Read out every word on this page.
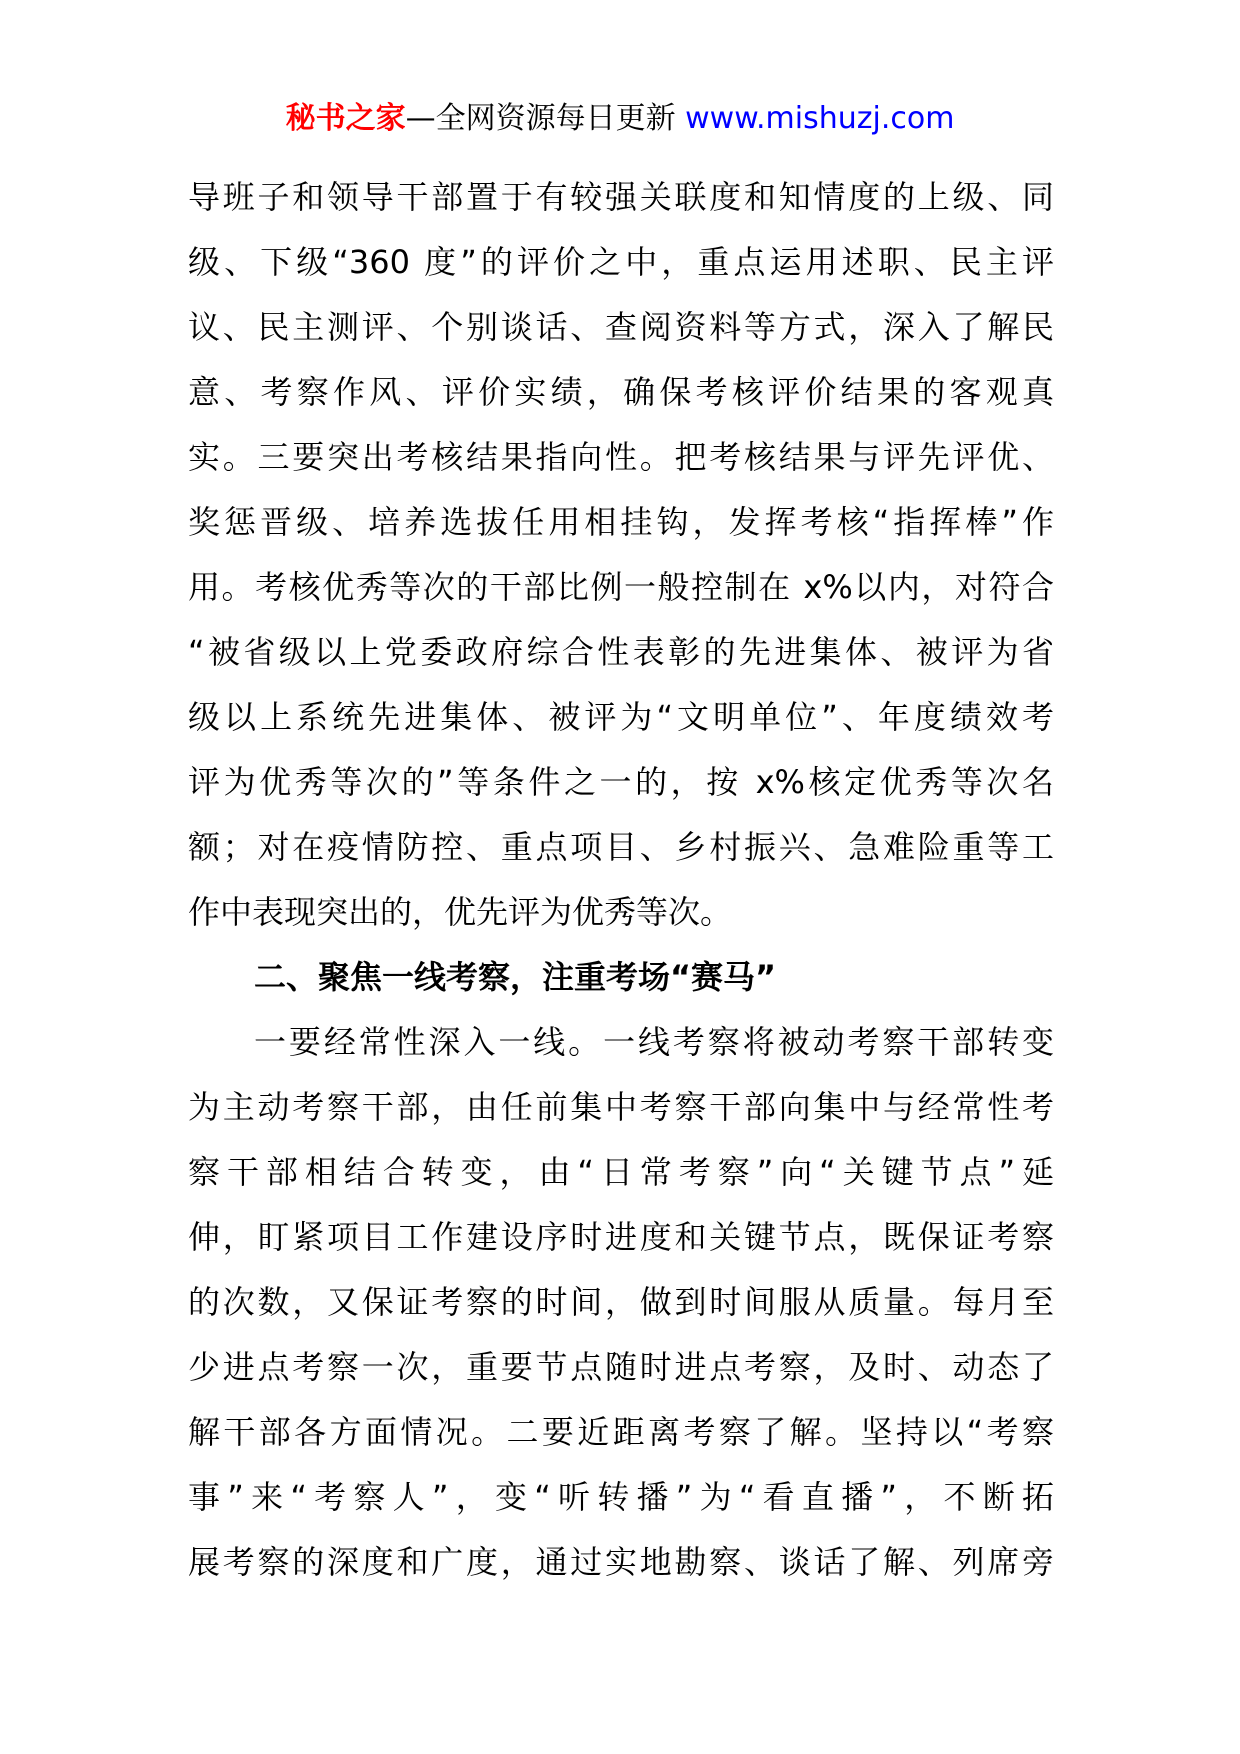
秘书之家—全网资源每日更新 www.mishuzj.com
导班子和领导干部置于有较强关联度和知情度的上级、同
级、下级“360 度”的评价之中，重点运用述职、民主评
议、民主测评、个别谈话、查阅资料等方式，深入了解民
意、考察作风、评价实绩，确保考核评价结果的客观真
实。三要突出考核结果指向性。把考核结果与评先评优、
奖惩晋级、培养选拔任用相挂钩，发挥考核“指挥棒”作
用。考核优秀等次的干部比例一般控制在 x%以内，对符合
“被省级以上党委政府综合性表彰的先进集体、被评为省
级以上系统先进集体、被评为“文明单位”、年度绩效考
评为优秀等次的”等条件之一的，按 x%核定优秀等次名
额；对在疫情防控、重点项目、乡村振兴、急难险重等工
作中表现突出的，优先评为优秀等次。
二、聚焦一线考察，注重考场“赛马”
一要经常性深入一线。一线考察将被动考察干部转变
为主动考察干部，由任前集中考察干部向集中与经常性考
察干部相结合转变，由“日常考察”向“关键节点”延
伸，盯紧项目工作建设序时进度和关键节点，既保证考察
的次数，又保证考察的时间，做到时间服从质量。每月至
少进点考察一次，重要节点随时进点考察，及时、动态了
解干部各方面情况。二要近距离考察了解。坚持以“考察
事”来“考察人”，变“听转播”为“看直播”，不断拓
展考察的深度和广度，通过实地勘察、谈话了解、列席旁
